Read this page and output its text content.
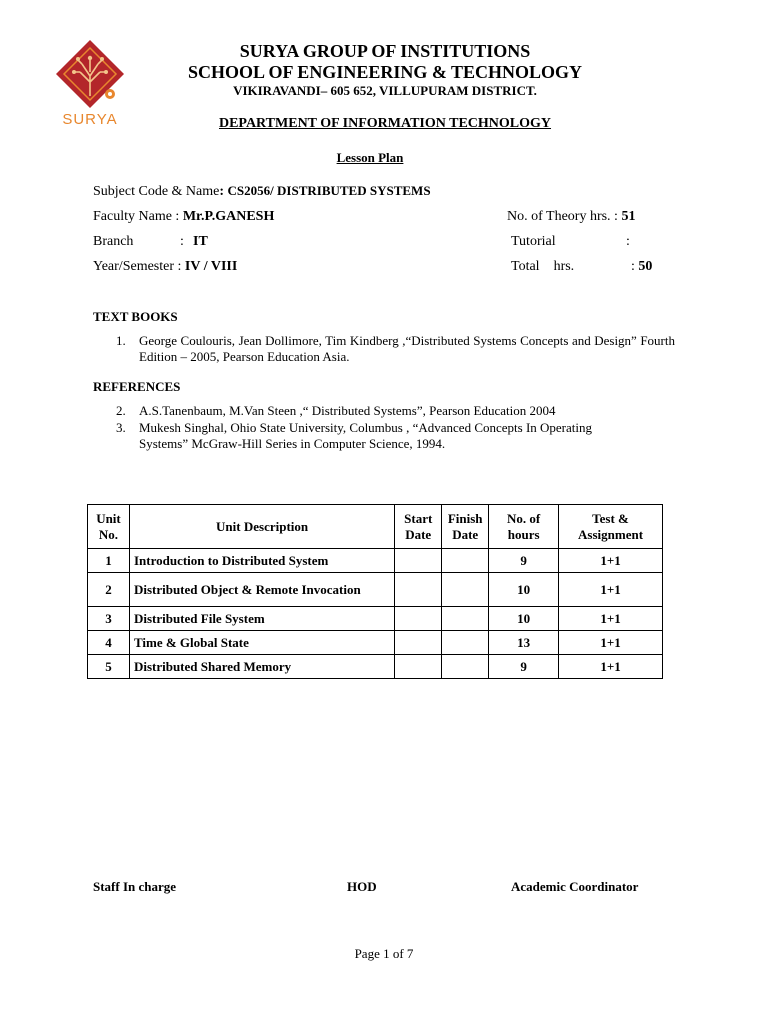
SURYA
SURYA GROUP OF INSTITUTIONS
SCHOOL OF ENGINEERING & TECHNOLOGY
VIKIRAVANDI– 605 652, VILLUPURAM DISTRICT.
DEPARTMENT OF INFORMATION TECHNOLOGY
Lesson Plan
Subject Code & Name: CS2056/ DISTRIBUTED SYSTEMS
Faculty Name : Mr.P.GANESH	No. of Theory hrs. : 51
Branch	: IT	Tutorial	:
Year/Semester : IV / VIII	Total    hrs.	: 50
TEXT BOOKS
1. George Coulouris, Jean Dollimore, Tim Kindberg ,“Distributed Systems Concepts and Design” Fourth Edition – 2005, Pearson Education Asia.
REFERENCES
2. A.S.Tanenbaum, M.Van Steen ,“ Distributed Systems”, Pearson Education 2004
3. Mukesh Singhal, Ohio State University, Columbus , “Advanced Concepts In Operating Systems” McGraw-Hill Series in Computer Science, 1994.
Unit No.	Unit Description	Start Date	Finish Date	No. of hours	Test & Assignment
1	Introduction to Distributed System			9	1+1
2	Distributed Object & Remote Invocation			10	1+1
3	Distributed File System			10	1+1
4	Time & Global State			13	1+1
5	Distributed Shared Memory			9	1+1
Staff In charge	HOD	Academic Coordinator
Page 1 of 7
